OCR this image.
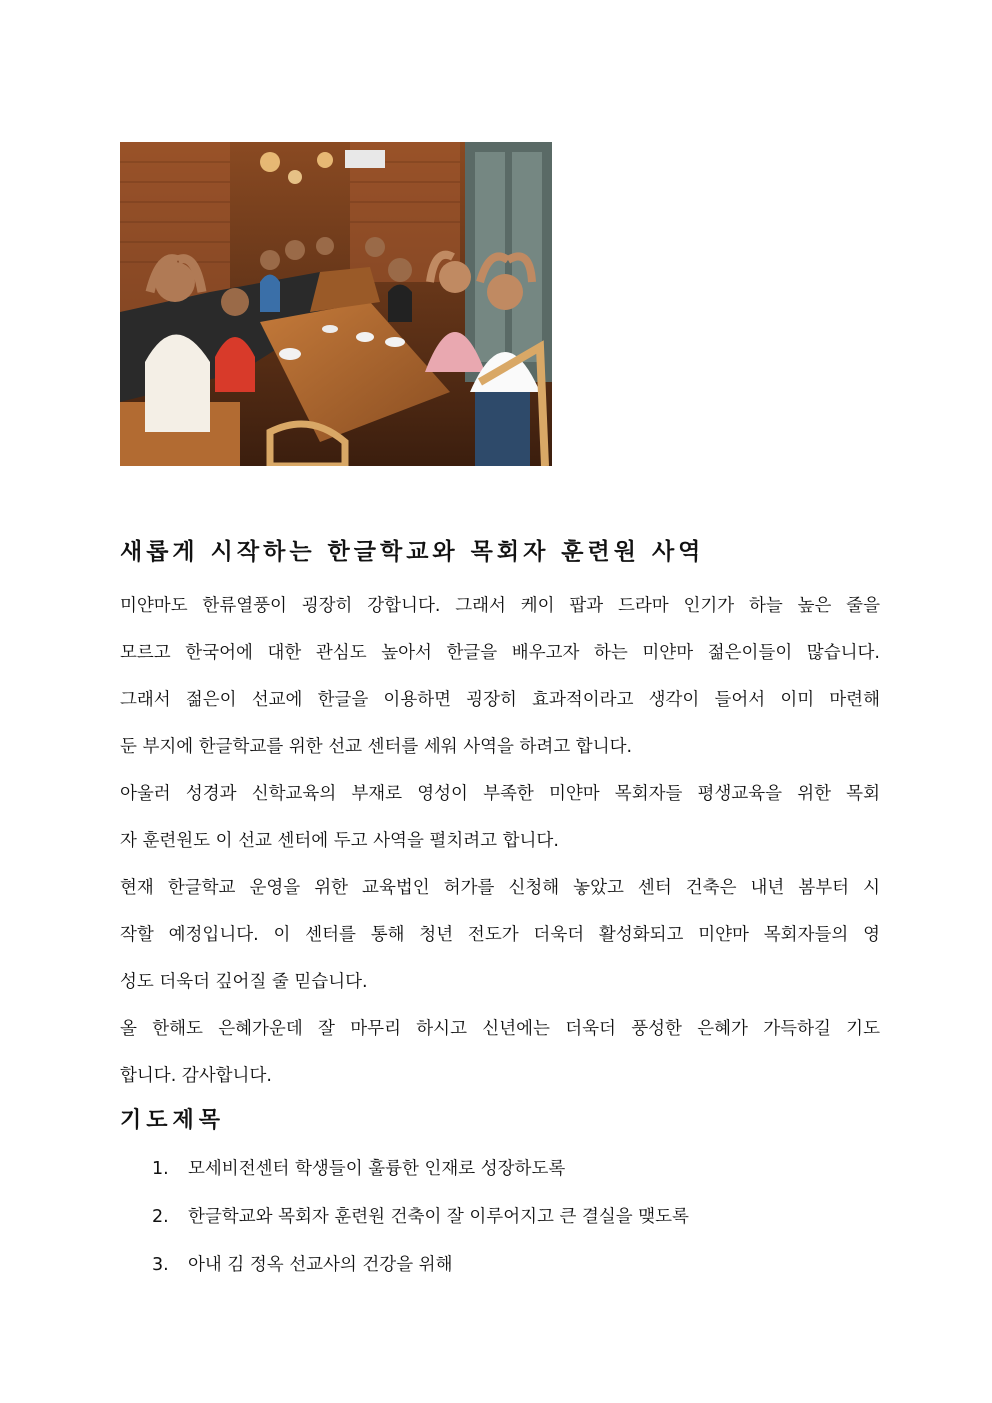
새롭게 시작하는 한글학교와 목회자 훈련원 사역
미얀마도 한류열풍이 굉장히 강합니다. 그래서 케이 팝과 드라마 인기가 하늘 높은 줄을
모르고 한국어에 대한 관심도 높아서 한글을 배우고자 하는 미얀마 젊은이들이 많습니다.
그래서 젊은이 선교에 한글을 이용하면 굉장히 효과적이라고 생각이 들어서 이미 마련해
둔 부지에 한글학교를 위한 선교 센터를 세워 사역을 하려고 합니다.
아울러 성경과 신학교육의 부재로 영성이 부족한 미얀마 목회자들 평생교육을 위한 목회
자 훈련원도 이 선교 센터에 두고 사역을 펼치려고 합니다.
현재 한글학교 운영을 위한 교육법인 허가를 신청해 놓았고 센터 건축은 내년 봄부터 시
작할 예정입니다. 이 센터를 통해 청년 전도가 더욱더 활성화되고 미얀마 목회자들의 영
성도 더욱더 깊어질 줄 믿습니다.
올 한해도 은혜가운데 잘 마무리 하시고 신년에는 더욱더 풍성한 은혜가 가득하길 기도
합니다. 감사합니다.
기도제목
1. 모세비전센터 학생들이 훌륭한 인재로 성장하도록
2. 한글학교와 목회자 훈련원 건축이 잘 이루어지고 큰 결실을 맺도록
3. 아내 김 정옥 선교사의 건강을 위해
